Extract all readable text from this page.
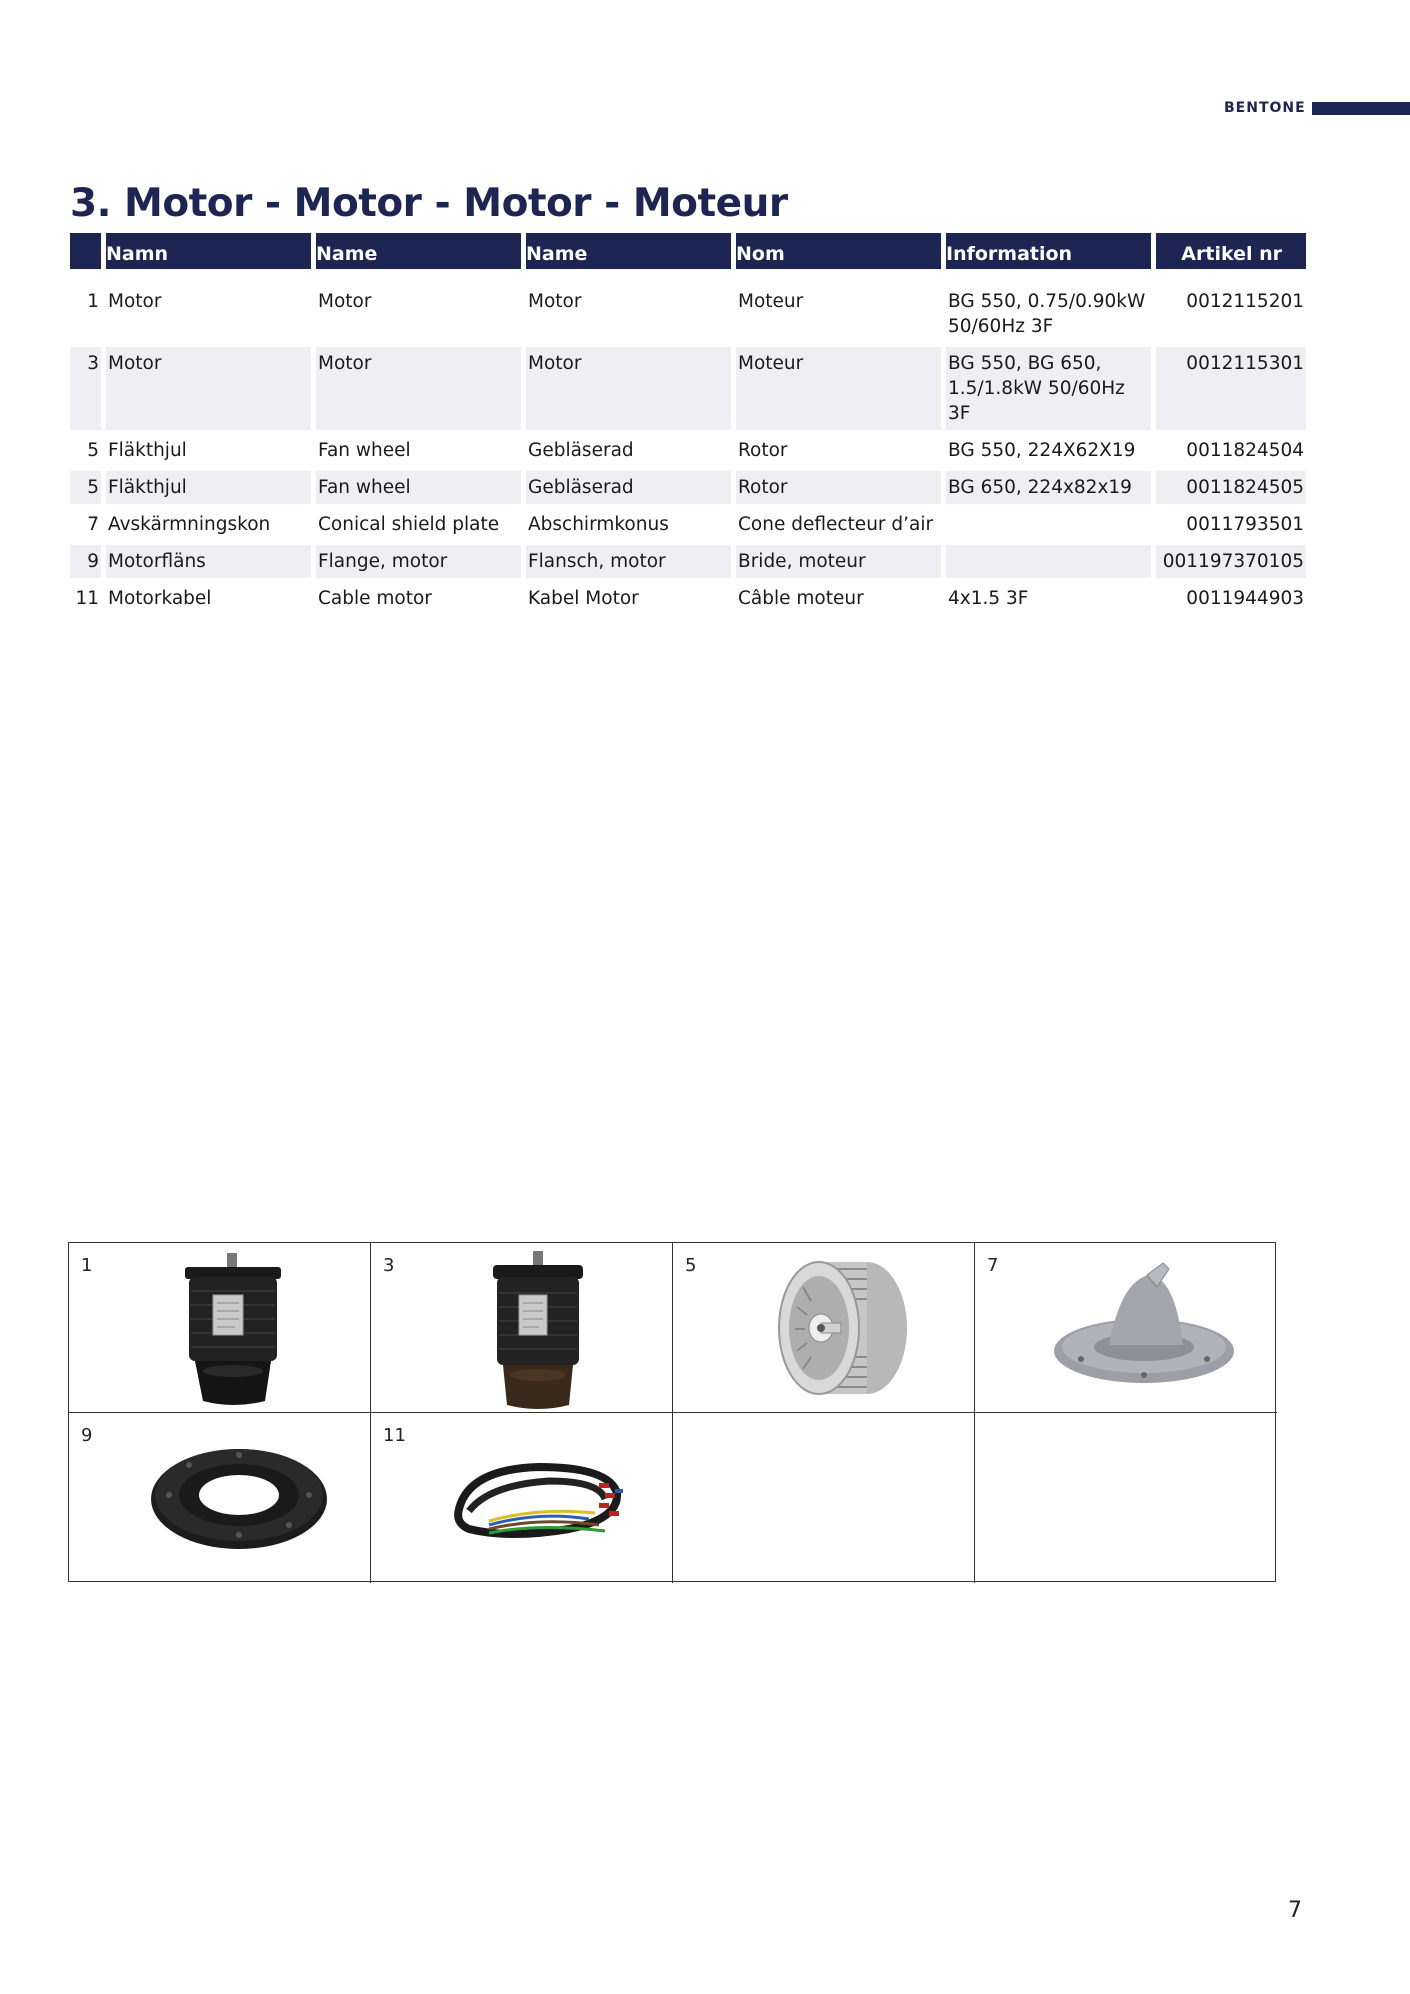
BENTONE
3. Motor - Motor - Motor - Moteur
	Namn	Name	Name	Nom	Information	Artikel nr

1	Motor	Motor	Motor	Moteur	BG 550, 0.75/0.90kW 50/60Hz 3F	0012115201
3	Motor	Motor	Motor	Moteur	BG 550, BG 650, 1.5/1.8kW 50/60Hz 3F	0012115301
5	Fläkthjul	Fan wheel	Gebläserad	Rotor	BG 550, 224X62X19	0011824504
5	Fläkthjul	Fan wheel	Gebläserad	Rotor	BG 650, 224x82x19	0011824505
7	Avskärmningskon	Conical shield plate	Abschirmkonus	Cone deflecteur d’air		0011793501
9	Motorfläns	Flange, motor	Flansch, motor	Bride, moteur		001197370105
11	Motorkabel	Cable motor	Kabel Motor	Câble moteur	4x1.5 3F	0011944903
1	3	5	7
9	11
7
